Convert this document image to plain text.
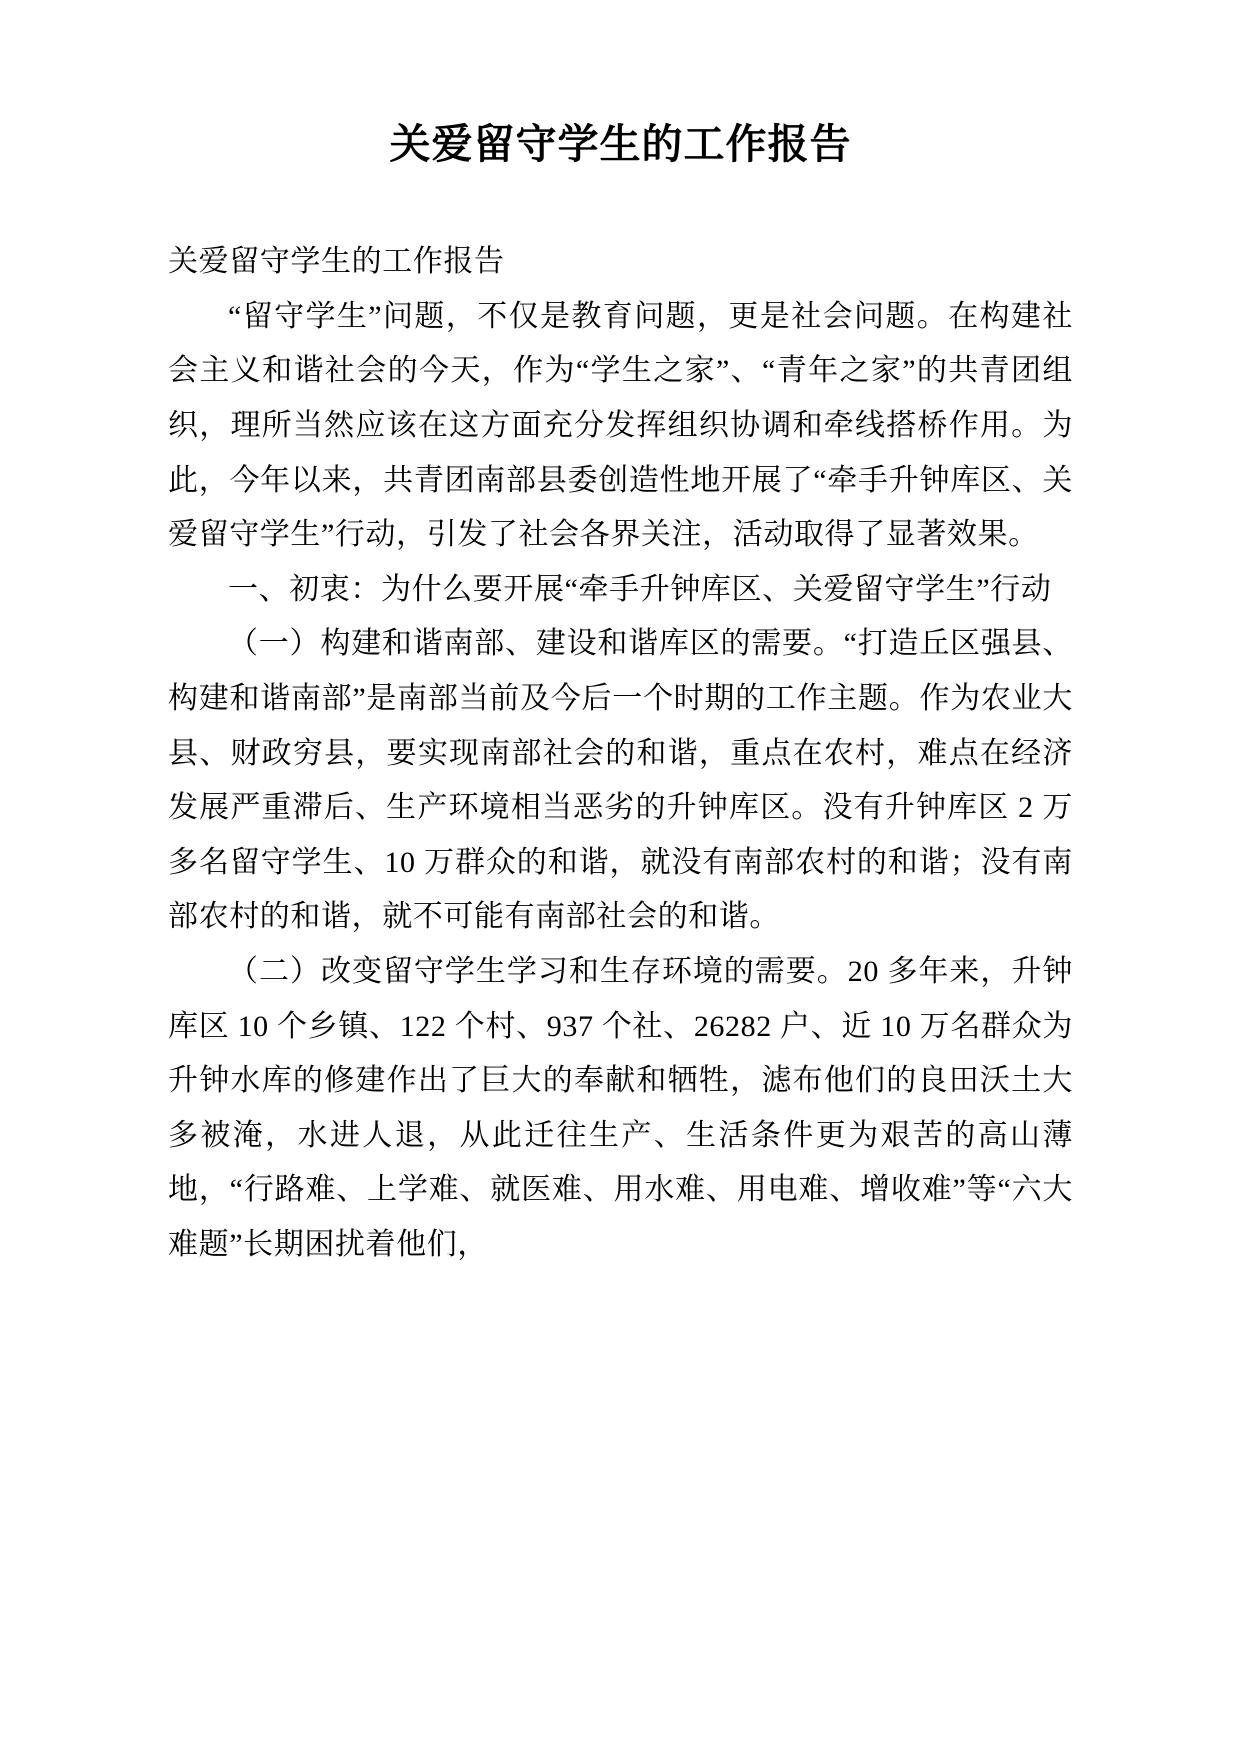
关爱留守学生的工作报告

关爱留守学生的工作报告

“留守学生”问题，不仅是教育问题，更是社会问题。在构建社会主义和谐社会的今天，作为“学生之家”、“青年之家”的共青团组织，理所当然应该在这方面充分发挥组织协调和牵线搭桥作用。为此，今年以来，共青团南部县委创造性地开展了“牵手升钟库区、关爱留守学生”行动，引发了社会各界关注，活动取得了显著效果。

一、初衷：为什么要开展“牵手升钟库区、关爱留守学生”行动

（一）构建和谐南部、建设和谐库区的需要。“打造丘区强县、构建和谐南部”是南部当前及今后一个时期的工作主题。作为农业大县、财政穷县，要实现南部社会的和谐，重点在农村，难点在经济发展严重滞后、生产环境相当恶劣的升钟库区。没有升钟库区 2 万多名留守学生、10 万群众的和谐，就没有南部农村的和谐；没有南部农村的和谐，就不可能有南部社会的和谐。

（二）改变留守学生学习和生存环境的需要。20 多年来，升钟库区 10 个乡镇、122 个村、937 个社、26282 户、近 10 万名群众为升钟水库的修建作出了巨大的奉献和牺牲，滤布他们的良田沃土大多被淹，水进人退，从此迁往生产、生活条件更为艰苦的高山薄地，“行路难、上学难、就医难、用水难、用电难、增收难”等“六大难题”长期困扰着他们，
